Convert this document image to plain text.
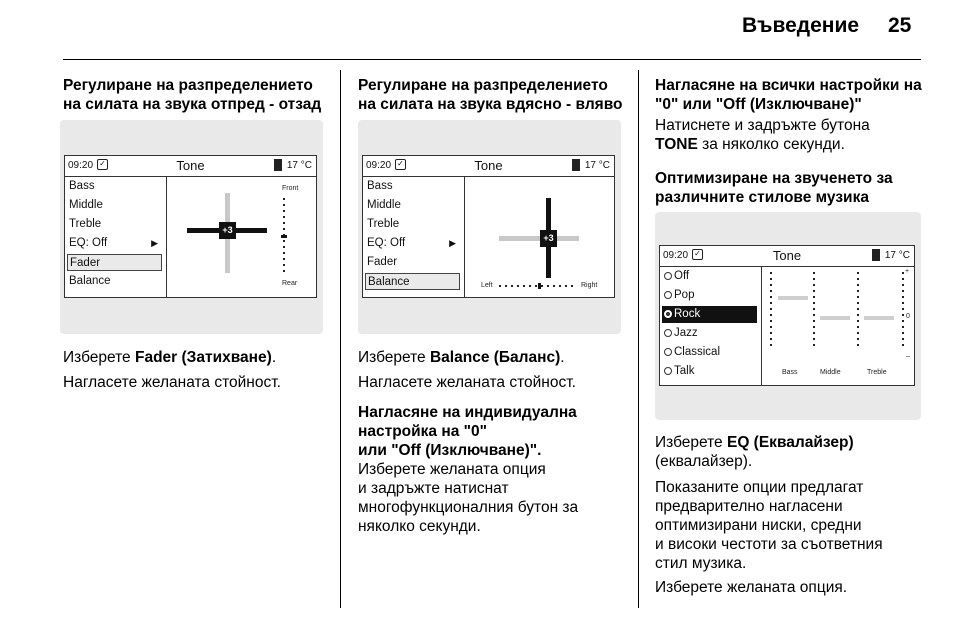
Въведение 25
Регулиране на разпределението
на силата на звука отпред - отзад
09:20 ✓	Tone	17 °C
Bass
Middle
Treble
EQ: Off	▶
Fader
Balance
+3
Front
Rear
Изберете Fader (Затихване).
Нагласете желаната стойност.
Регулиране на разпределението
на силата на звука вдясно - вляво
09:20 ✓	Tone	17 °C
Bass
Middle
Treble
EQ: Off	▶
Fader
Balance
+3
Left	Right
Изберете Balance (Баланс).
Нагласете желаната стойност.
Нагласяне на индивидуална
настройка на "0"
или "Off (Изключване)".
Изберете желаната опция
и задръжте натиснат
многофункционалния бутон за
няколко секунди.
Нагласяне на всички настройки на
"0" или "Off (Изключване)"
Натиснете и задръжте бутона
TONE за няколко секунди.
Оптимизиране на звученето за
различните стилове музика
09:20 ✓	Tone	17 °C
Off
Pop
Rock
Jazz
Classical
Talk
+
0
–
Bass	Middle	Treble
Изберете EQ (Еквалайзер)
(еквалайзер).
Показаните опции предлагат
предварително нагласени
оптимизирани ниски, средни
и високи честоти за съответния
стил музика.
Изберете желаната опция.
